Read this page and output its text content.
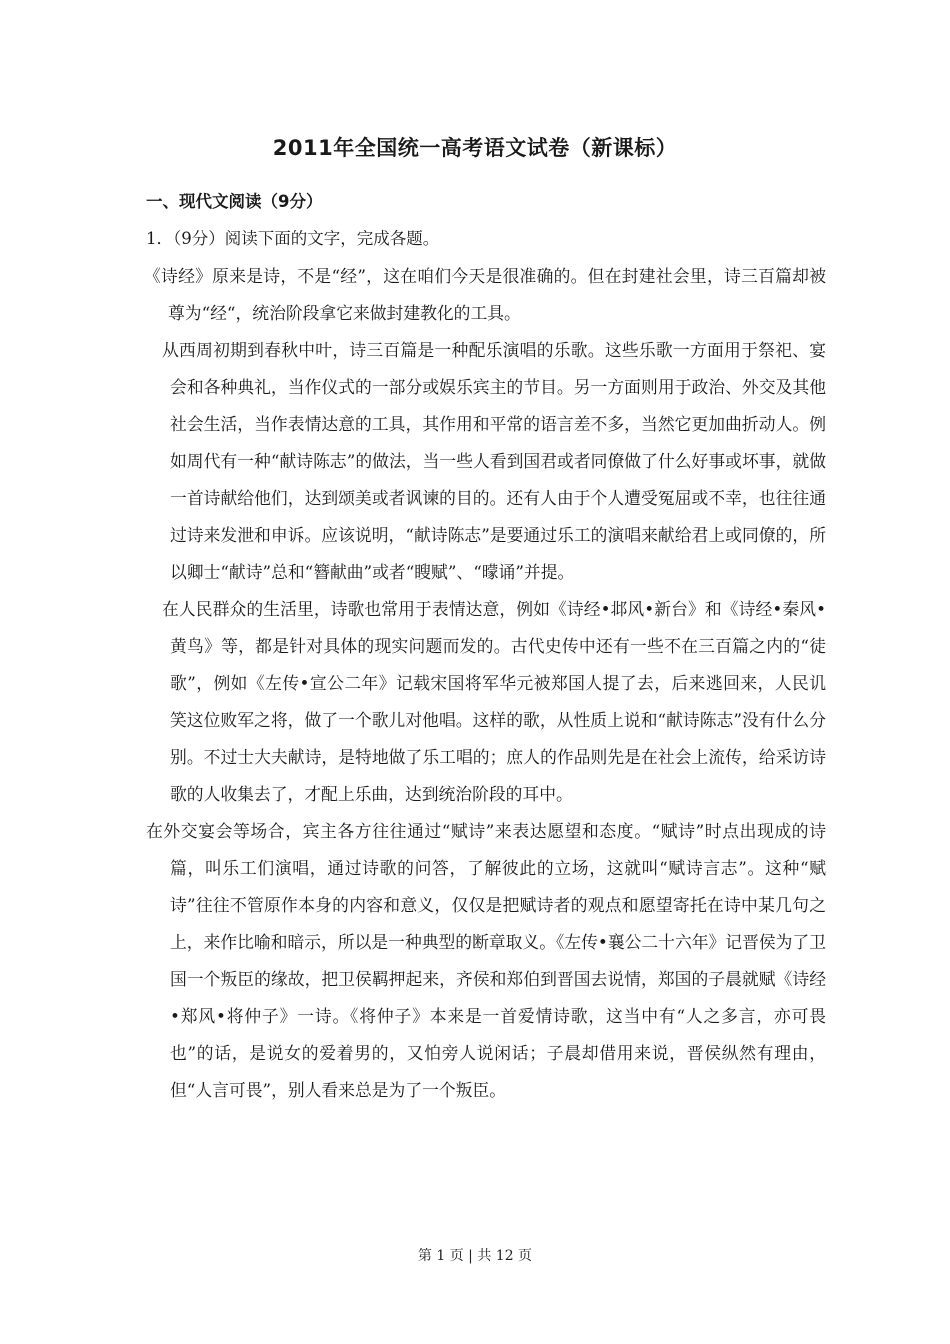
2011年全国统一高考语文试卷（新课标）
一、现代文阅读（9分）
1．（9分）阅读下面的文字，完成各题。

《诗经》原来是诗，不是“经”，这在咱们今天是很准确的。但在封建社会里，诗三百篇却被尊为“经“，统治阶段拿它来做封建教化的工具。

从西周初期到春秋中叶，诗三百篇是一种配乐演唱的乐歌。这些乐歌一方面用于祭祀、宴会和各种典礼，当作仪式的一部分或娱乐宾主的节目。另一方面则用于政治、外交及其他社会生活，当作表情达意的工具，其作用和平常的语言差不多，当然它更加曲折动人。例如周代有一种“献诗陈志”的做法，当一些人看到国君或者同僚做了什么好事或坏事，就做一首诗献给他们，达到颂美或者讽谏的目的。还有人由于个人遭受冤屈或不幸，也往往通过诗来发泄和申诉。应该说明，“献诗陈志”是要通过乐工的演唱来献给君上或同僚的，所以卿士“献诗”总和“簪献曲”或者“瞍赋”、“曚诵”并提。

在人民群众的生活里，诗歌也常用于表情达意，例如《诗经•邶风•新台》和《诗经•秦风•黄鸟》等，都是针对具体的现实问题而发的。古代史传中还有一些不在三百篇之内的“徒歌”，例如《左传•宣公二年》记载宋国将军华元被郑国人提了去，后来逃回来，人民讥笑这位败军之将，做了一个歌儿对他唱。这样的歌，从性质上说和“献诗陈志”没有什么分别。不过士大夫献诗，是特地做了乐工唱的；庶人的作品则先是在社会上流传，给采访诗歌的人收集去了，才配上乐曲，达到统治阶段的耳中。

在外交宴会等场合，宾主各方往往通过“赋诗”来表达愿望和态度。“赋诗”时点出现成的诗篇，叫乐工们演唱，通过诗歌的问答，了解彼此的立场，这就叫“赋诗言志”。这种“赋诗”往往不管原作本身的内容和意义，仅仅是把赋诗者的观点和愿望寄托在诗中某几句之上，来作比喻和暗示，所以是一种典型的断章取义。《左传•襄公二十六年》记晋侯为了卫国一个叛臣的缘故，把卫侯羁押起来，齐侯和郑伯到晋国去说情，郑国的子晨就赋《诗经•郑风•将仲子》一诗。《将仲子》本来是一首爱情诗歌，这当中有“人之多言，亦可畏也”的话，是说女的爱着男的，又怕旁人说闲话；子晨却借用来说，晋侯纵然有理由，但“人言可畏”，别人看来总是为了一个叛臣。

第 1 页 | 共 12 页
